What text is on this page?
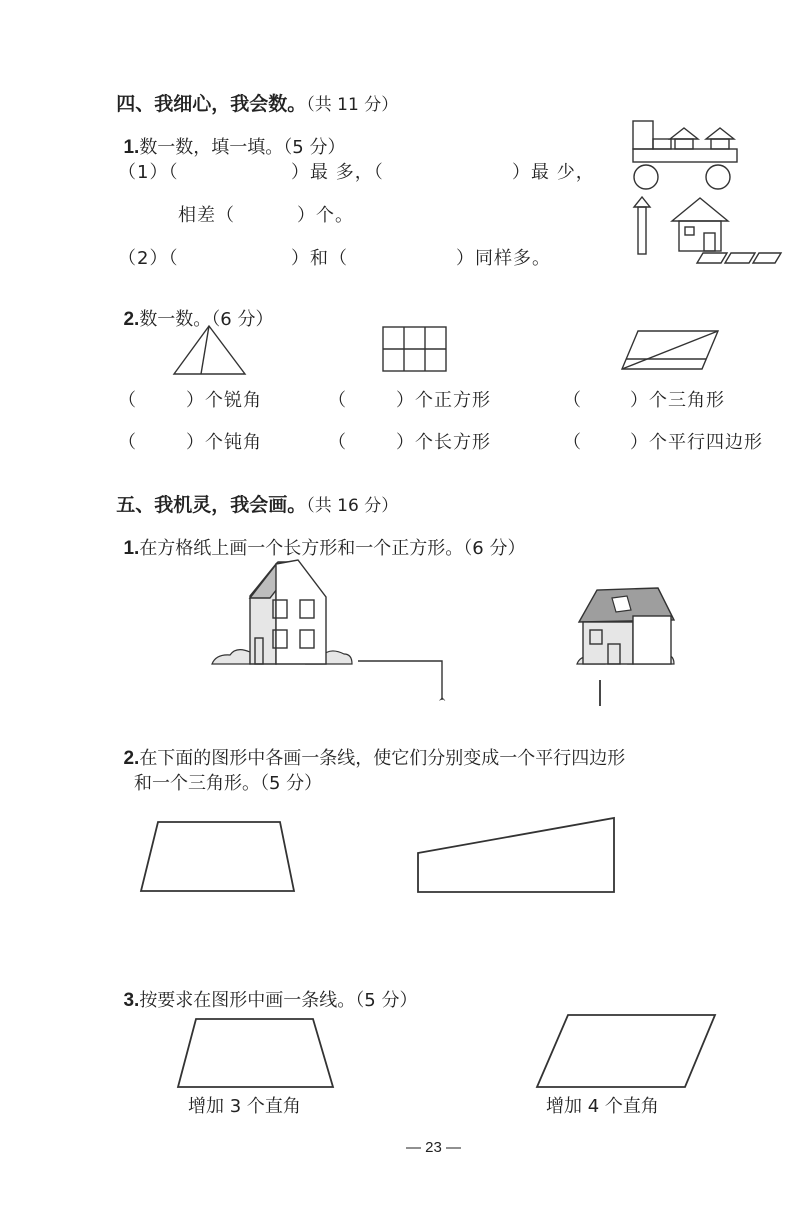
四、我细心，我会数。（共 11 分）

1.数一数，填一填。（5 分）

（1）（	）最 多，（	）最 少，
相差（	）个。
（2）（	）和（	）同样多。

2.数一数。（6 分）

（	）个锐角	（	）个正方形	（	）个三角形
（	）个钝角	（	）个长方形	（	）个平行四边形

五、我机灵，我会画。（共 16 分）

1.在方格纸上画一个长方形和一个正方形。（6 分）

2.在下面的图形中各画一条线，使它们分别变成一个平行四边形

和一个三角形。（5 分）

3.按要求在图形中画一条线。（5 分）

增加 3 个直角	增加 4 个直角
— 23 —
^
